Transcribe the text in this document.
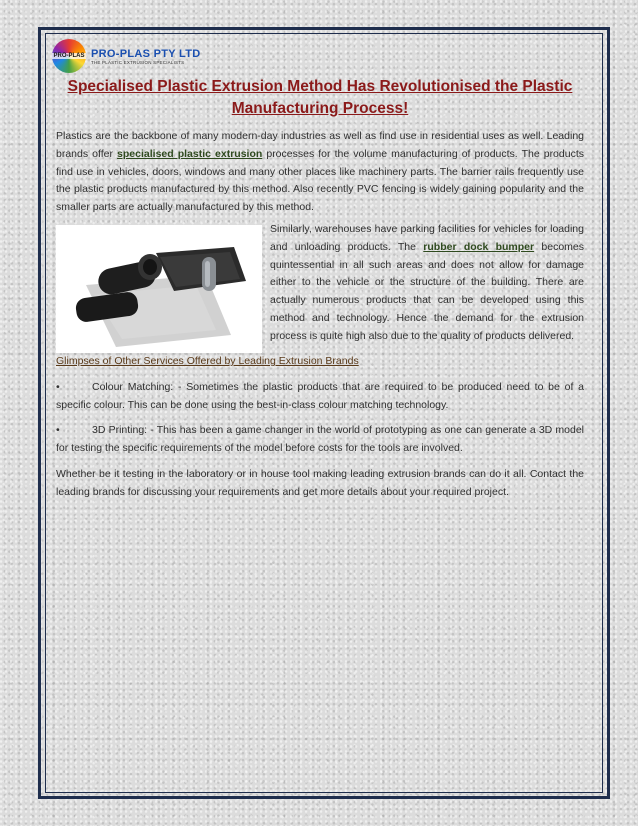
PRO-PLAS PRO-PLAS PTY LTD
THE PLASTIC EXTRUSION SPECIALISTS
Specialised Plastic Extrusion Method Has Revolutionised the Plastic Manufacturing Process!

Plastics are the backbone of many modern-day industries as well as find use in residential uses as well. Leading brands offer specialised plastic extrusion processes for the volume manufacturing of products. The products find use in vehicles, doors, windows and many other places like machinery parts. The barrier rails frequently use the plastic products manufactured by this method. Also recently PVC fencing is widely gaining popularity and the smaller parts are actually manufactured by this method.

Similarly, warehouses have parking facilities for vehicles for loading and unloading products. The rubber dock bumper becomes quintessential in all such areas and does not allow for damage either to the vehicle or the structure of the building. There are actually numerous products that can be developed using this method and technology. Hence the demand for the extrusion process is quite high also due to the quality of products delivered.

Glimpses of Other Services Offered by Leading Extrusion Brands

•	Colour Matching: - Sometimes the plastic products that are required to be produced need to be of a specific colour. This can be done using the best-in-class colour matching technology.

•	3D Printing: - This has been a game changer in the world of prototyping as one can generate a 3D model for testing the specific requirements of the model before costs for the tools are involved.

Whether be it testing in the laboratory or in house tool making leading extrusion brands can do it all. Contact the leading brands for discussing your requirements and get more details about your required project.
